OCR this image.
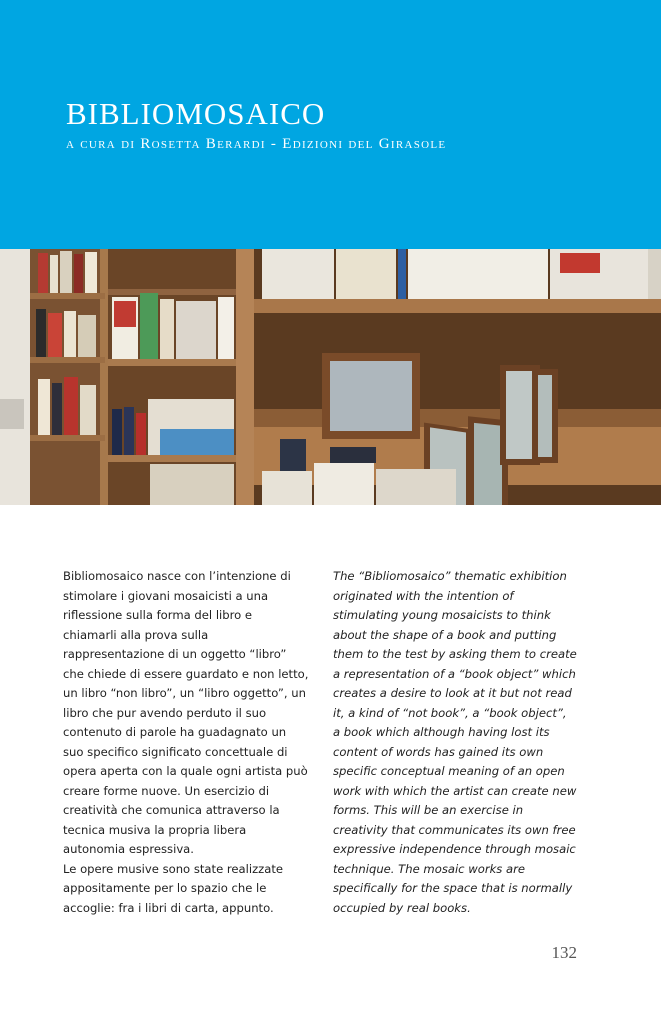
BIBLIOMOSAICO
a cura di Rosetta Berardi - Edizioni del Girasole

Bibliomosaico nasce con l’intenzione di stimolare i giovani mosaicisti a una riflessione sulla forma del libro e chiamarli alla prova sulla rappresentazione di un oggetto “libro” che chiede di essere guardato e non letto, un libro “non libro”, un “libro oggetto”, un libro che pur avendo perduto il suo contenuto di parole ha guadagnato un suo specifico significato concettuale di opera aperta con la quale ogni artista può creare forme nuove. Un esercizio di creatività che comunica attraverso la tecnica musiva la propria libera autonomia espressiva.

Le opere musive sono state realizzate appositamente per lo spazio che le accoglie: fra i libri di carta, appunto.

The “Bibliomosaico” thematic exhibition originated with the intention of stimulating young mosaicists to think about the shape of a book and putting them to the test by asking them to create a representation of a “book object” which creates a desire to look at it but not read it, a kind of “not book”, a “book object”, a book which although having lost its content of words has gained its own specific conceptual meaning of an open work with which the artist can create new forms. This will be an exercise in creativity that communicates its own free expressive independence through mosaic technique. The mosaic works are specifically for the space that is normally occupied by real books.

132
